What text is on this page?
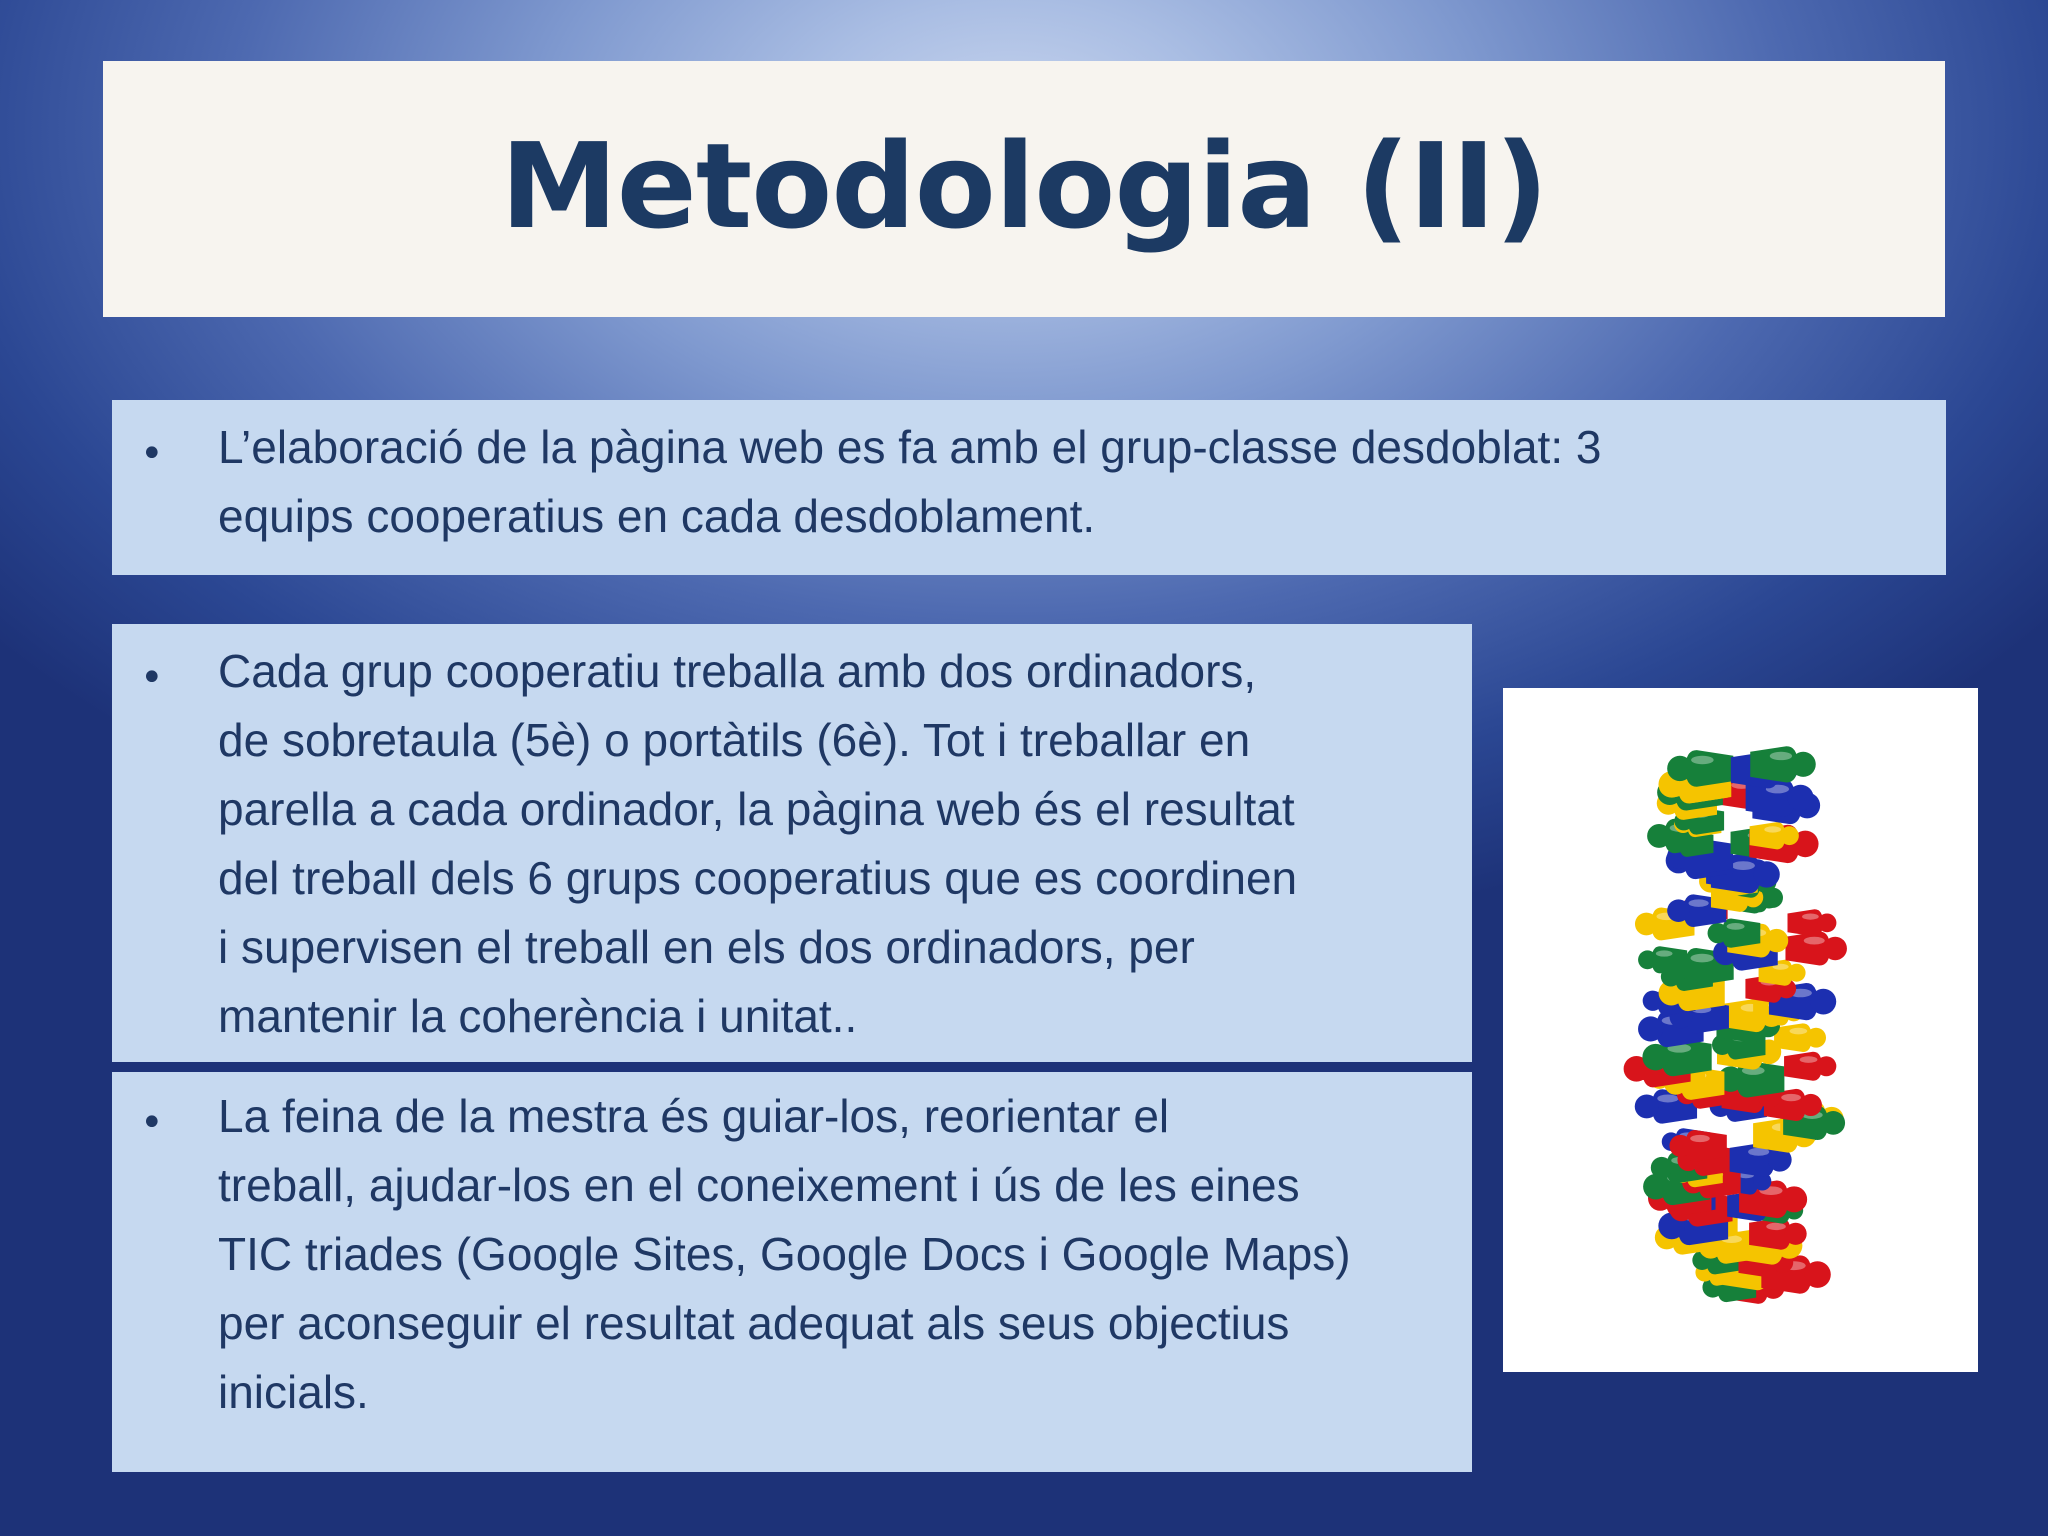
Metodologia (II)
• L’elaboració de la pàgina web es fa amb el grup-classe desdoblat: 3
equips cooperatius en cada desdoblament.
• Cada grup cooperatiu treballa amb dos ordinadors,
de sobretaula (5è) o portàtils (6è). Tot i treballar en
parella a cada ordinador, la pàgina web és el resultat
del treball dels 6 grups cooperatius que es coordinen
i supervisen el treball en els dos ordinadors, per
mantenir la coherència i unitat..
• La feina de la mestra és guiar-los, reorientar el
treball, ajudar-los en el coneixement i ús de les eines
TIC triades (Google Sites, Google Docs i Google Maps)
per aconseguir el resultat adequat als seus objectius
inicials.
